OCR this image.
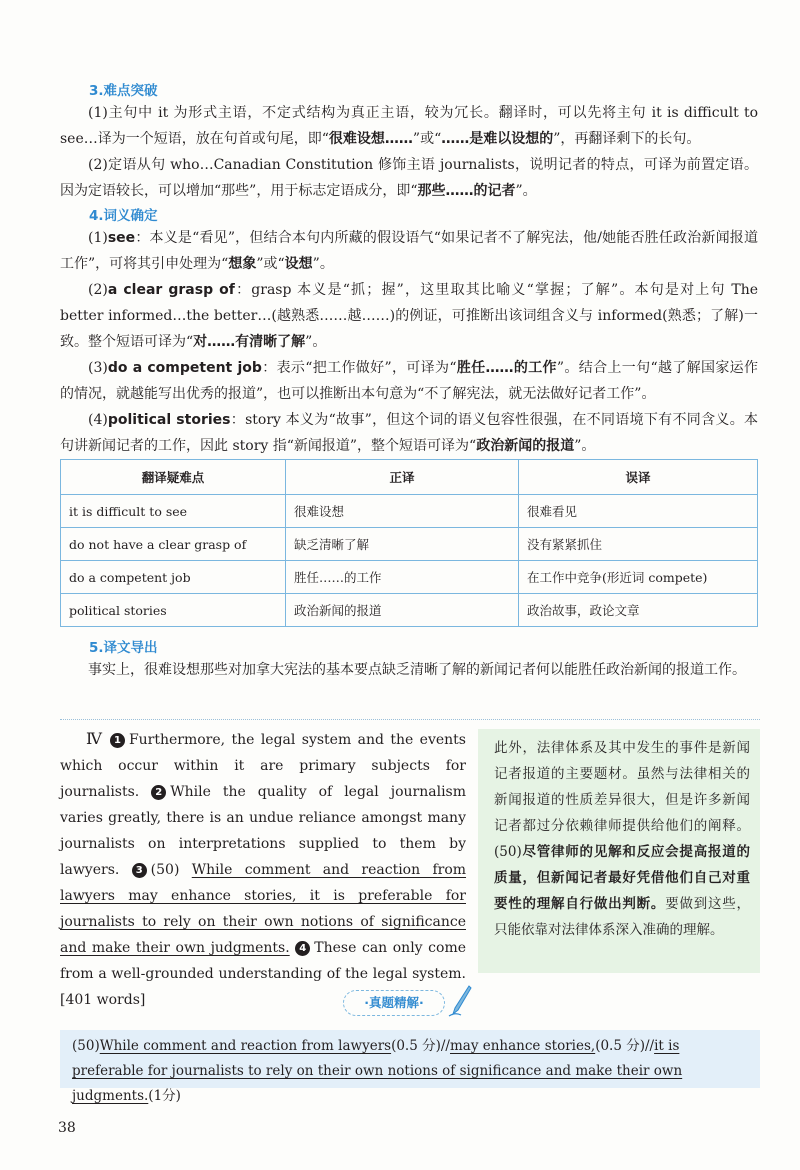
3.难点突破
(1)主句中 it 为形式主语，不定式结构为真正主语，较为冗长。翻译时，可以先将主句 it is difficult to see…译为一个短语，放在句首或句尾，即“很难设想……”或“……是难以设想的”，再翻译剩下的长句。
(2)定语从句 who…Canadian Constitution 修饰主语 journalists，说明记者的特点，可译为前置定语。因为定语较长，可以增加“那些”，用于标志定语成分，即“那些……的记者”。
4.词义确定
(1)see：本义是“看见”，但结合本句内所藏的假设语气“如果记者不了解宪法，他/她能否胜任政治新闻报道工作”，可将其引申处理为“想象”或“设想”。
(2)a clear grasp of：grasp 本义是“抓；握”，这里取其比喻义“掌握；了解”。本句是对上句 The better informed…the better…(越熟悉……越……)的例证，可推断出该词组含义与 informed(熟悉；了解)一致。整个短语可译为“对……有清晰了解”。
(3)do a competent job：表示“把工作做好”，可译为“胜任……的工作”。结合上一句“越了解国家运作的情况，就越能写出优秀的报道”，也可以推断出本句意为“不了解宪法，就无法做好记者工作”。
(4)political stories：story 本义为“故事”，但这个词的语义包容性很强，在不同语境下有不同含义。本句讲新闻记者的工作，因此 story 指“新闻报道”，整个短语可译为“政治新闻的报道”。
翻译疑难点	正译	误译
it is difficult to see	很难设想	很难看见
do not have a clear grasp of	缺乏清晰了解	没有紧紧抓住
do a competent job	胜任……的工作	在工作中竞争(形近词 compete)
political stories	政治新闻的报道	政治故事，政论文章
5.译文导出
事实上，很难设想那些对加拿大宪法的基本要点缺乏清晰了解的新闻记者何以能胜任政治新闻的报道工作。
Ⅳ 1 Furthermore, the legal system and the events which occur within it are primary subjects for journalists. 2 While the quality of legal journalism varies greatly, there is an undue reliance amongst many journalists on interpretations supplied to them by lawyers. 3 (50) While comment and reaction from lawyers may enhance stories, it is preferable for journalists to rely on their own notions of significance and make their own judgments. 4 These can only come from a well-grounded understanding of the legal system.[401 words]
此外，法律体系及其中发生的事件是新闻记者报道的主要题材。虽然与法律相关的新闻报道的性质差异很大，但是许多新闻记者都过分依赖律师提供给他们的阐释。(50)尽管律师的见解和反应会提高报道的质量，但新闻记者最好凭借他们自己对重要性的理解自行做出判断。要做到这些，只能依靠对法律体系深入准确的理解。
·真题精解·
(50)While comment and reaction from lawyers(0.5 分)//may enhance stories,(0.5 分)//it is preferable for journalists to rely on their own notions of significance and make their own judgments.(1分)
38
